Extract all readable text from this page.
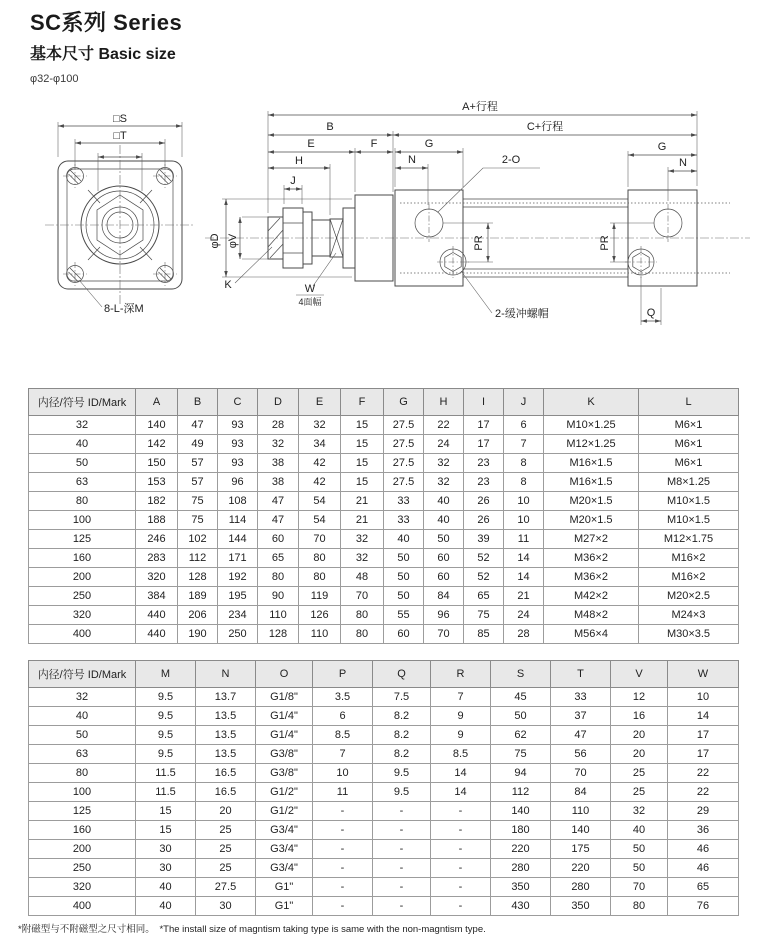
SC系列 Series
基本尺寸 Basic size
φ32-φ100
□S
□T
8-L-深M
φD φV
H
J
E	F
B
A+行程
C+行程
K	W
4面幅
PR	PR
G
N
G
N
2-O
2-缓冲螺帽	Q
内径/符号 ID/Mark	A	B	C	D	E	F	G	H	I	J	K	L
32	140	47	93	28	32	15	27.5	22	17	6	M10×1.25	M6×1
40	142	49	93	32	34	15	27.5	24	17	7	M12×1.25	M6×1
50	150	57	93	38	42	15	27.5	32	23	8	M16×1.5	M6×1
63	153	57	96	38	42	15	27.5	32	23	8	M16×1.5	M8×1.25
80	182	75	108	47	54	21	33	40	26	10	M20×1.5	M10×1.5
100	188	75	114	47	54	21	33	40	26	10	M20×1.5	M10×1.5
125	246	102	144	60	70	32	40	50	39	11	M27×2	M12×1.75
160	283	112	171	65	80	32	50	60	52	14	M36×2	M16×2
200	320	128	192	80	80	48	50	60	52	14	M36×2	M16×2
250	384	189	195	90	119	70	50	84	65	21	M42×2	M20×2.5
320	440	206	234	110	126	80	55	96	75	24	M48×2	M24×3
400	440	190	250	128	110	80	60	70	85	28	M56×4	M30×3.5
内径/符号 ID/Mark	M	N	O	P	Q	R	S	T	V	W
32	9.5	13.7	G1/8"	3.5	7.5	7	45	33	12	10
40	9.5	13.5	G1/4"	6	8.2	9	50	37	16	14
50	9.5	13.5	G1/4"	8.5	8.2	9	62	47	20	17
63	9.5	13.5	G3/8"	7	8.2	8.5	75	56	20	17
80	11.5	16.5	G3/8"	10	9.5	14	94	70	25	22
100	11.5	16.5	G1/2"	11	9.5	14	112	84	25	22
125	15	20	G1/2"	-	-	-	140	110	32	29
160	15	25	G3/4"	-	-	-	180	140	40	36
200	30	25	G3/4"	-	-	-	220	175	50	46
250	30	25	G3/4"	-	-	-	280	220	50	46
320	40	27.5	G1"	-	-	-	350	280	70	65
400	40	30	G1"	-	-	-	430	350	80	76
*附磁型与不附磁型之尺寸相同。　*The install size of magntism taking type is same with the non-magntism type.
